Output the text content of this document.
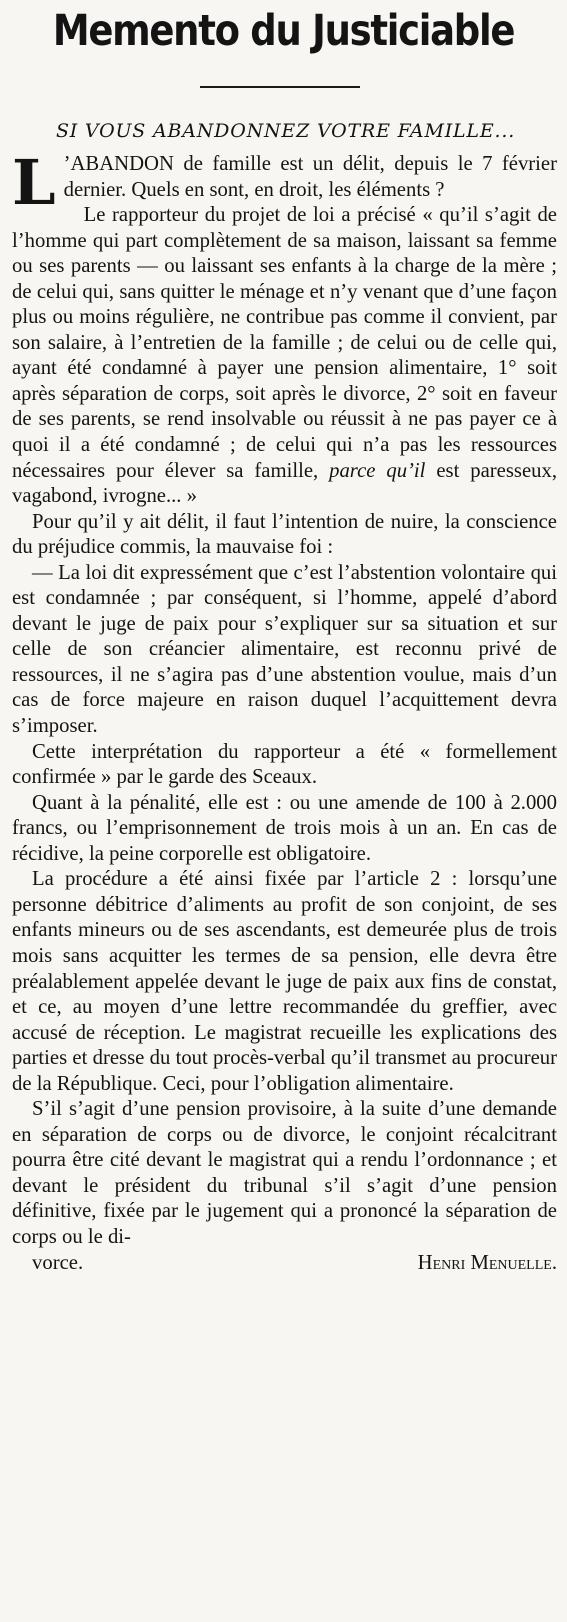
Memento du Justiciable
SI VOUS ABANDONNEZ VOTRE FAMILLE...

L ’ABANDON de famille est un délit, depuis le 7 février dernier. Quels en sont, en droit, les éléments ?

Le rapporteur du projet de loi a précisé « qu’il s’agit de l’homme qui part complètement de sa maison, laissant sa femme ou ses parents — ou laissant ses enfants à la charge de la mère ; de celui qui, sans quitter le ménage et n’y venant que d’une façon plus ou moins régulière, ne contribue pas comme il convient, par son salaire, à l’entretien de la famille ; de celui ou de celle qui, ayant été condamné à payer une pension alimentaire, 1° soit après séparation de corps, soit après le divorce, 2° soit en faveur de ses parents, se rend insolvable ou réussit à ne pas payer ce à quoi il a été condamné ; de celui qui n’a pas les ressources nécessaires pour élever sa famille, parce qu’il est paresseux, vagabond, ivrogne... »

Pour qu’il y ait délit, il faut l’intention de nuire, la conscience du préjudice commis, la mauvaise foi :

— La loi dit expressément que c’est l’abstention volontaire qui est condamnée ; par conséquent, si l’homme, appelé d’abord devant le juge de paix pour s’expliquer sur sa situation et sur celle de son créancier alimentaire, est reconnu privé de ressources, il ne s’agira pas d’une abstention voulue, mais d’un cas de force majeure en raison duquel l’acquittement devra s’imposer.

Cette interprétation du rapporteur a été « formellement confirmée » par le garde des Sceaux.

Quant à la pénalité, elle est : ou une amende de 100 à 2.000 francs, ou l’emprisonnement de trois mois à un an. En cas de récidive, la peine corporelle est obligatoire.

La procédure a été ainsi fixée par l’article 2 : lorsqu’une personne débitrice d’aliments au profit de son conjoint, de ses enfants mineurs ou de ses ascendants, est demeurée plus de trois mois sans acquitter les termes de sa pension, elle devra être préalablement appelée devant le juge de paix aux fins de constat, et ce, au moyen d’une lettre recommandée du greffier, avec accusé de réception. Le magistrat recueille les explications des parties et dresse du tout procès-verbal qu’il transmet au procureur de la République. Ceci, pour l’obligation alimentaire.

S’il s’agit d’une pension provisoire, à la suite d’une demande en séparation de corps ou de divorce, le conjoint récalcitrant pourra être cité devant le magistrat qui a rendu l’ordonnance ; et devant le président du tribunal s’il s’agit d’une pension définitive, fixée par le jugement qui a prononcé la séparation de corps ou le di-

vorce.	Henri Menuelle.
